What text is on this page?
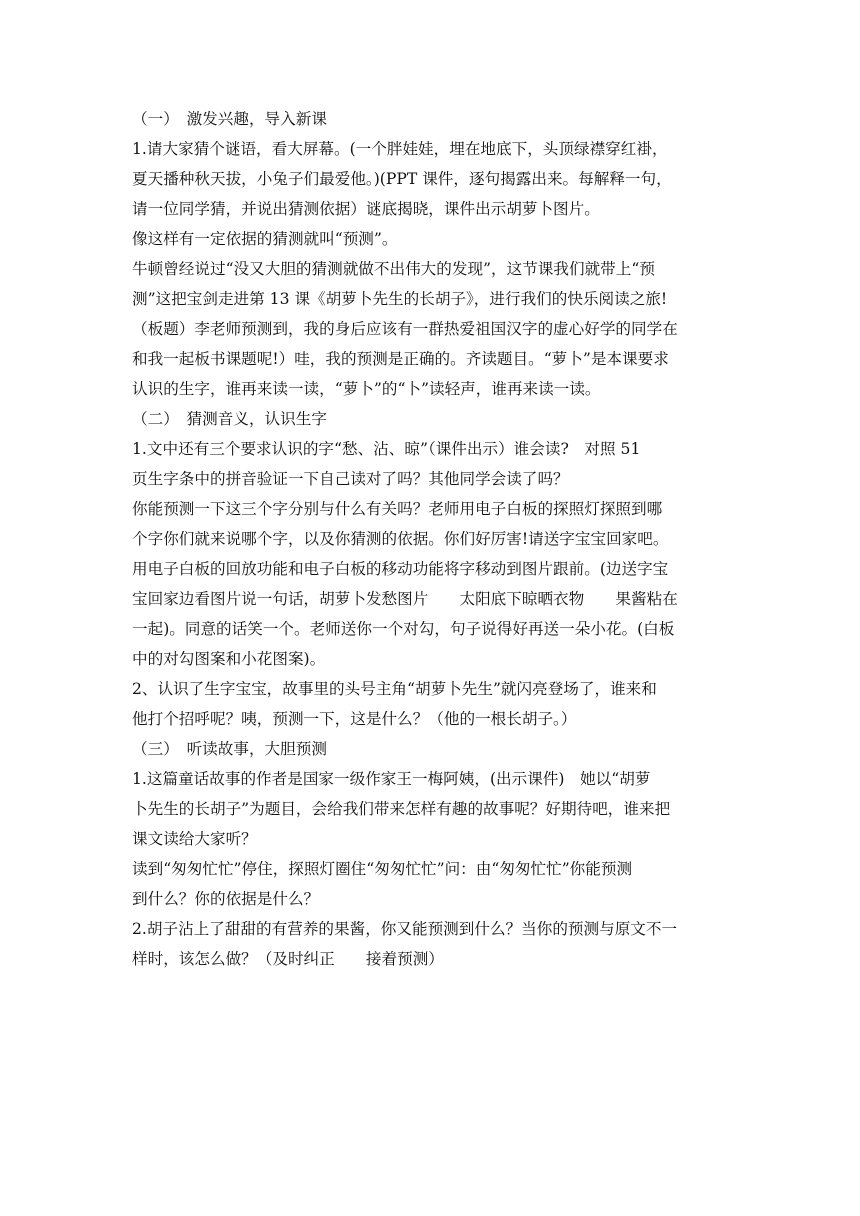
（一）　激发兴趣，导入新课
1.请大家猜个谜语，看大屏幕。(一个胖娃娃，埋在地底下，头顶绿襟穿红褂，
夏天播种秋天拔，小兔子们最爱他。)(PPT 课件，逐句揭露出来。每解释一句，
请一位同学猜，并说出猜测依据）谜底揭晓，课件出示胡萝卜图片。
像这样有一定依据的猜测就叫“预测”。
牛顿曾经说过“没又大胆的猜测就做不出伟大的发现”，这节课我们就带上“预
测”这把宝剑走进第 13 课《胡萝卜先生的长胡子》，进行我们的快乐阅读之旅!
（板题）李老师预测到，我的身后应该有一群热爱祖国汉字的虚心好学的同学在
和我一起板书课题呢!）哇，我的预测是正确的。齐读题目。“萝卜”是本课要求
认识的生字，谁再来读一读，“萝卜”的“卜”读轻声，谁再来读一读。
（二）　猜测音义，认识生字
1.文中还有三个要求认识的字“愁、沾、晾”（课件出示）谁会读?　对照 51
页生字条中的拼音验证一下自己读对了吗？其他同学会读了吗？
你能预测一下这三个字分别与什么有关吗？老师用电子白板的探照灯探照到哪
个字你们就来说哪个字，以及你猜测的依据。你们好厉害!请送字宝宝回家吧。
用电子白板的回放功能和电子白板的移动功能将字移动到图片跟前。(边送字宝
宝回家边看图片说一句话，胡萝卜发愁图片　　太阳底下晾晒衣物　　果酱粘在
一起)。同意的话笑一个。老师送你一个对勾，句子说得好再送一朵小花。(白板
中的对勾图案和小花图案)。
2、认识了生字宝宝，故事里的头号主角“胡萝卜先生”就闪亮登场了，谁来和
他打个招呼呢？咦，预测一下，这是什么？（他的一根长胡子。）
（三）　听读故事，大胆预测
1.这篇童话故事的作者是国家一级作家王一梅阿姨，(出示课件)　她以“胡萝
卜先生的长胡子”为题目，会给我们带来怎样有趣的故事呢？好期待吧，谁来把
课文读给大家听？
读到“匆匆忙忙”停住，探照灯圈住“匆匆忙忙”问：由“匆匆忙忙”你能预测
到什么？你的依据是什么？
2.胡子沾上了甜甜的有营养的果酱，你又能预测到什么？当你的预测与原文不一
样时，该怎么做？（及时纠正　　接着预测）
